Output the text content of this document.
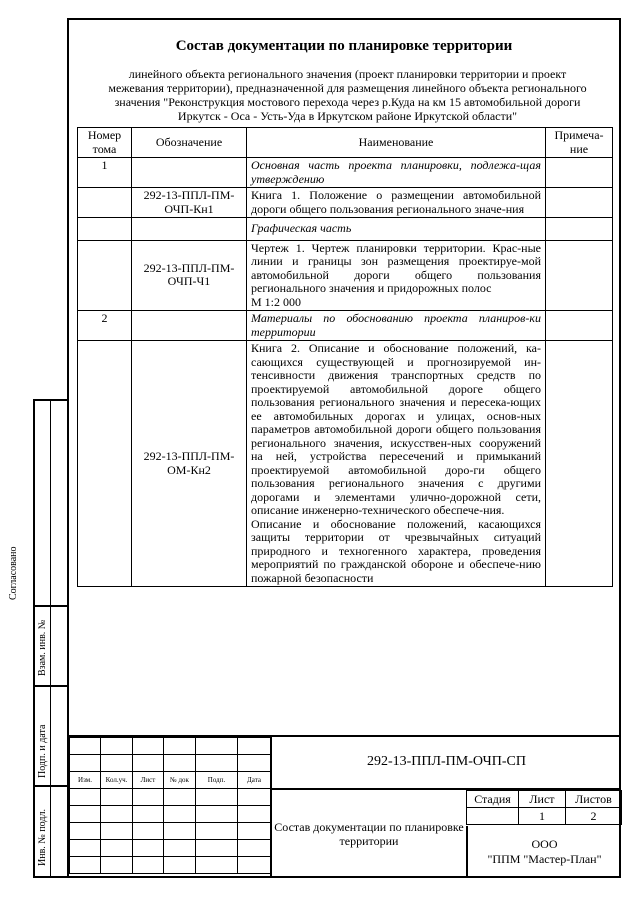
Состав документации по планировке территории
линейного объекта регионального значения (проект планировки территории и проект межевания территории), предназначенной для размещения линейного объекта регионального значения "Реконструкция мостового перехода через р.Куда на км 15 автомобильной дороги Иркутск - Оса - Усть-Уда в Иркутском районе Иркутской области"
Номер тома	Обозначение	Наименование	Примеча-ние
1		Основная часть проекта планировки, подлежа-щая утверждению	
	292-13-ППЛ-ПМ-ОЧП-Кн1	Книга 1. Положение о размещении автомобильной дороги общего пользования регионального значе-ния	
		Графическая часть	
	292-13-ППЛ-ПМ-ОЧП-Ч1	Чертеж 1. Чертеж планировки территории. Крас-ные линии и границы зон размещения проектируе-мой автомобильной дороги общего пользования регионального значения и придорожных полос

М 1:2 000	

2		Материалы по обоснованию проекта планиров-ки территории	
	292-13-ППЛ-ПМ-ОМ-Кн2	Книга 2. Описание и обоснование положений, ка-сающихся существующей и прогнозируемой ин-тенсивности движения транспортных средств по проектируемой автомобильной дороге общего пользования регионального значения и пересека-ющих ее автомобильных дорогах и улицах, основ-ных параметров автомобильной дороги общего пользования регионального значения, искусствен-ных сооружений на ней, устройства пересечений и примыканий проектируемой автомобильной доро-ги общего пользования регионального значения с другими дорогами и элементами улично-дорожной сети, описание инженерно-технического обеспече-ния.

Описание и обоснование положений, касающихся защиты территории от чрезвычайных ситуаций природного и техногенного характера, проведения мероприятий по гражданской обороне и обеспече-нию пожарной безопасности	

Согласовано
Взам. инв. №
Подп. и дата
Инв. № подл.

Изм.	Кол.уч.	Лист	№ док	Подп.	Дата

292-13-ППЛ-ПМ-ОЧП-СП
Состав документации по планировке территории
Стадия	Лист	Листов
	1	2
ООО
"ППМ "Мастер-План"
